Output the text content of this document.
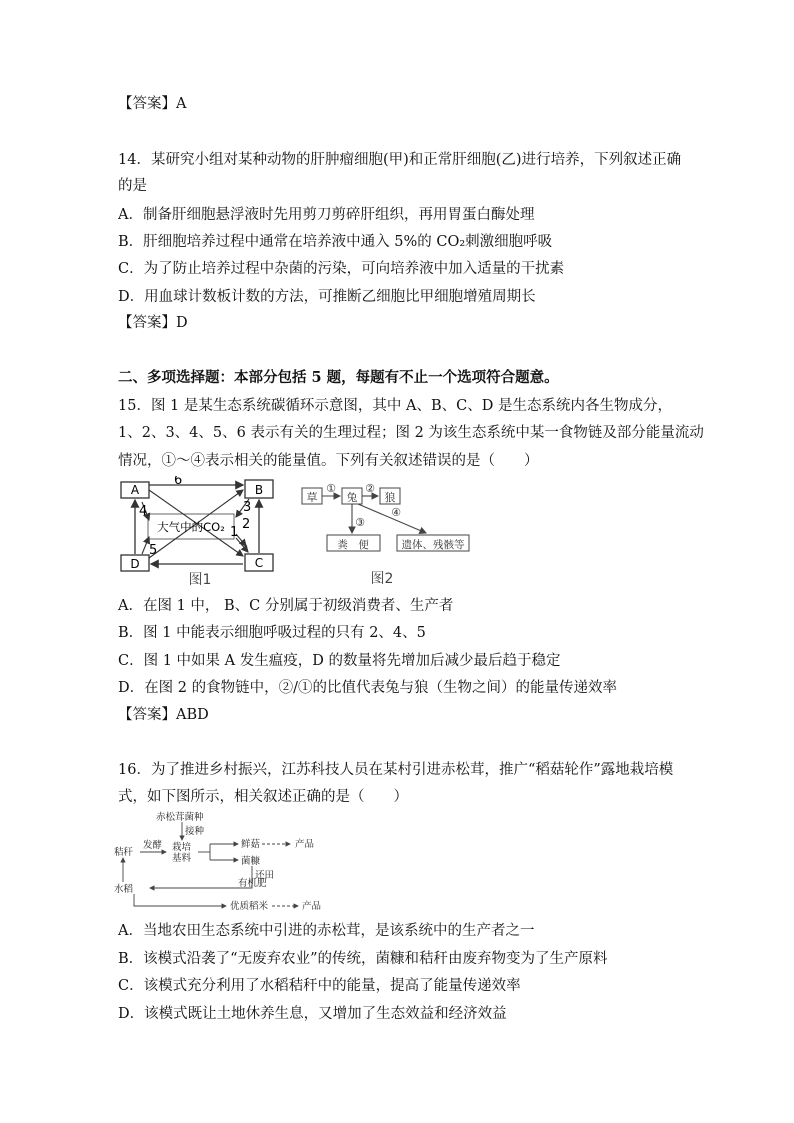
【答案】A
14．某研究小组对某种动物的肝肿瘤细胞(甲)和正常肝细胞(乙)进行培养，下列叙述正确
的是
A．制备肝细胞悬浮液时先用剪刀剪碎肝组织，再用胃蛋白酶处理
B．肝细胞培养过程中通常在培养液中通入 5%的 CO₂刺激细胞呼吸
C．为了防止培养过程中杂菌的污染，可向培养液中加入适量的干扰素
D．用血球计数板计数的方法，可推断乙细胞比甲细胞增殖周期长
【答案】D
二、多项选择题：本部分包括 5 题，每题有不止一个选项符合题意。
15．图 1 是某生态系统碳循环示意图，其中 A、B、C、D 是生态系统内各生物成分，
1、2、3、4、5、6 表示有关的生理过程；图 2 为该生态系统中某一食物链及部分能量流动
情况，①～④表示相关的能量值。下列有关叙述错误的是（　　）
A	B
C
D
大气中的CO₂ 1
2
3
4
5
6
图1
草	兔 狼
粪　便	遗体、残骸等
①	②
③
④
图2
A．在图 1 中， B、C 分别属于初级消费者、生产者
B．图 1 中能表示细胞呼吸过程的只有 2、4、5
C．图 1 中如果 A 发生瘟疫，D 的数量将先增加后减少最后趋于稳定
D．在图 2 的食物链中，②/①的比值代表兔与狼（生物之间）的能量传递效率
【答案】ABD
16．为了推进乡村振兴，江苏科技人员在某村引进赤松茸，推广“稻菇轮作”露地栽培模
式，如下图所示，相关叙述正确的是（　　）
赤松茸菌种
接种
秸秆
发酵 栽培
基料
鲜菇	产品
菌糠
还田
有机肥
水稻
优质稻米	产品
A．当地农田生态系统中引进的赤松茸，是该系统中的生产者之一
B．该模式沿袭了“无废弃农业”的传统，菌糠和秸秆由废弃物变为了生产原料
C．该模式充分利用了水稻秸秆中的能量，提高了能量传递效率
D．该模式既让土地休养生息，又增加了生态效益和经济效益
